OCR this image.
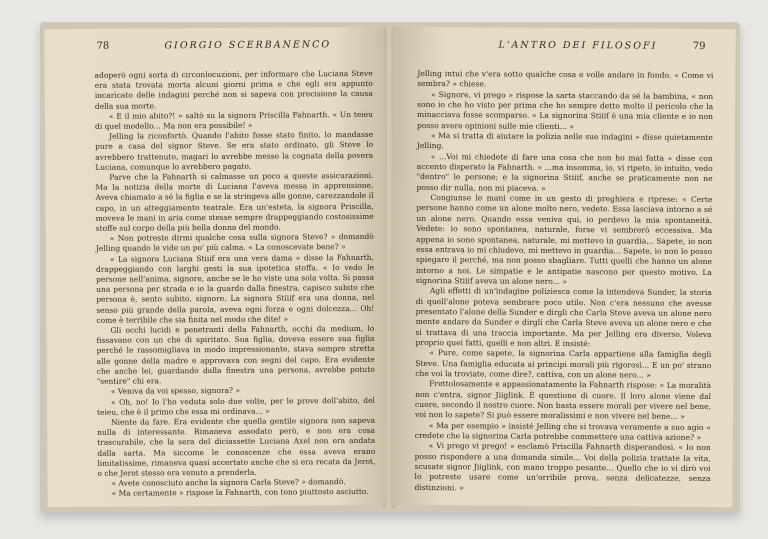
78	GIORGIO SCERBANENCO

adoperò ogni sorta di circonlocuzioni, per informare che Luciana Steve era stata trovata morta alcuni giorni prima e che egli era appunto incaricato delle indagini perché non si sapeva con precisione la causa della sua morte.

« E il mio abito?! » saltò su la signora Priscilla Fahnarth. « Un teieu di quel modello... Ma non era possibile! »

Jelling la riconfortò. Quando l'abito fosse stato finito, lo mandasse pure a casa del signor Steve. Se era stato ordinato, gli Steve lo avrebbero trattenuto, magari lo avrebbe messo la cognata della povera Luciana, comunque lo avrebbero pagato.

Parve che la Fahnarth si calmasse un poco a queste assicurazioni. Ma la notizia della morte di Luciana l'aveva messa in apprensione. Aveva chiamato a sé la figlia e se la stringeva alle gonne, carezzandole il capo, in un atteggiamento teatrale. Era un'esteta, la signora Priscilla, moveva le mani in aria come stesse sempre drappeggiando costosissime stoffe sul corpo della più bella donna del mondo.

« Non potreste dirmi qualche cosa sulla signora Steve? » domandò Jelling quando le vide un po' più calma. « La conoscevate bene? »

« La signora Luciana Stiiif era una vera dama » disse la Fahnarth, drappeggiando con larghi gesti la sua ipotetica stoffa. « Io vedo le persone nell'anima, signore, anche se le ho viste una sola volta. Si passa una persona per strada e io la guardo dalla finestra, capisco subito che persona è, sento subito, signore. La signora Stiiif era una donna, nel senso più grande della parola, aveva ogni forza e ogni dolcezza... Oh! come è terribile che sia finita nel modo che dite! »

Gli occhi lucidi e penetranti della Fahnarth, occhi da medium, lo fissavano con un che di spiritato. Sua figlia, doveva essere sua figlia perché le rassomigliava in modo impressionante, stava sempre stretta alle gonne della madre e approvava con segni del capo. Era evidente che anche lei, guardando dalla finestra una persona, avrebbe potuto "sentire" chi era.

« Veniva da voi spesso, signora? »

« Oh, no! Io l'ho veduta solo due volte, per le prove dell'abito, del teieu, che è il primo che essa mi ordinava... »

Niente da fare. Era evidente che quella gentile signora non sapeva nulla di interessante. Rimaneva assodato però, e non era cosa trascurabile, che la sera del diciassette Luciana Axel non era andata dalla sarta. Ma siccome le conoscenze che essa aveva erano limitatissime, rimaneva quasi accertato anche che si era recata da Jerot, o che Jerot stesso era venuto a prenderla.

« Avete conosciuto anche la signora Carla Steve? » domandò.

« Ma certamente » rispose la Fahnarth, con tono piuttosto asciutto.

L'ANTRO DEI FILOSOFI	79

Jelling intuì che v'era sotto qualche cosa e volle andare in fondo. « Come vi sembra? » chiese.

« Signore, vi prego » rispose la sarta staccando da sé la bambina, « non sono io che ho visto per prima che ho sempre detto molto il pericolo che la minacciava fosse scomparso. « La signorina Stiiif è una mia cliente e io non posso avere opinioni sulle mie clienti... »

« Ma si tratta di aiutare la polizia nelle sue indagini » disse quietamente Jelling.

« ...Voi mi chiedete di fare una cosa che non ho mai fatta » disse con accento disperato la Fahnarth. « ...ma insomma, io, vi ripeto, io intuito, vedo "dentro" le persone; e la signorina Stiiif, anche se praticamente non ne posso dir nulla, non mi piaceva. »

Congiunse le mani come in un gesto di preghiera e riprese: « Certe persone hanno come un alone molto nero, vedete. Essa lasciava intorno a sé un alone nero. Quando essa veniva qui, io perdevo la mia spontaneità. Vedete: io sono spontanea, naturale, forse vi sembrerò eccessiva. Ma appena io sono spontanea, naturale, mi mettevo in guardia... Sapete, io non essa entrava io mi chiudevo, mi mettevo in guardia... Sapete, io non lo posso spiegare il perché, ma non posso sbagliare. Tutti quelli che hanno un alone intorno a noi. Le simpatie e le antipatie nascono per questo motivo. La signorina Stiiif aveva un alone nero... »

Agli effetti di un'indagine poliziesca come la intendeva Sunder, la storia di quell'alone poteva sembrare poco utile. Non c'era nessuno che avesse presentato l'alone della Sunder e dirgli che Carla Steve aveva un alone nero mente andare da Sunder e dirgli che Carla Steve aveva un alone nero e che si trattava di una traccia importante. Ma per Jelling era diverso. Voleva proprio quei fatti, quelli e non altri. E insisté:

« Pure, come sapete, la signorina Carla appartiene alla famiglia degli Steve. Una famiglia educata ai principi morali più rigorosi... E un po' strano che voi la troviate, come dire?, cattiva, con un alone nero... »

Frettolosamente e appassionatamente la Fahnarth rispose: « La moralità non c'entra, signor Jiiglink. È questione di cuore. Il loro alone viene dal cuore, secondo il nostro cuore. Non basta essere morali per vivere nel bene, voi non lo sapete? Si può essere moralissimi e non vivere nel bene... »

« Ma per esempio » insisté Jelling che si trovava veramente a suo agio « credete che la signorina Carla potrebbe commettere una cattiva azione? »

« Vi prego vi prego! » esclamò Priscilla Fahnarth disperandosi. « Io non posso rispondere a una domanda simile... Voi della polizia trattate la vita, scusate signor Jiiglink, con mano troppo pesante... Quello che io vi dirò voi lo potreste usare come un'orribile prova, senza delicatezze, senza distinzioni. »
